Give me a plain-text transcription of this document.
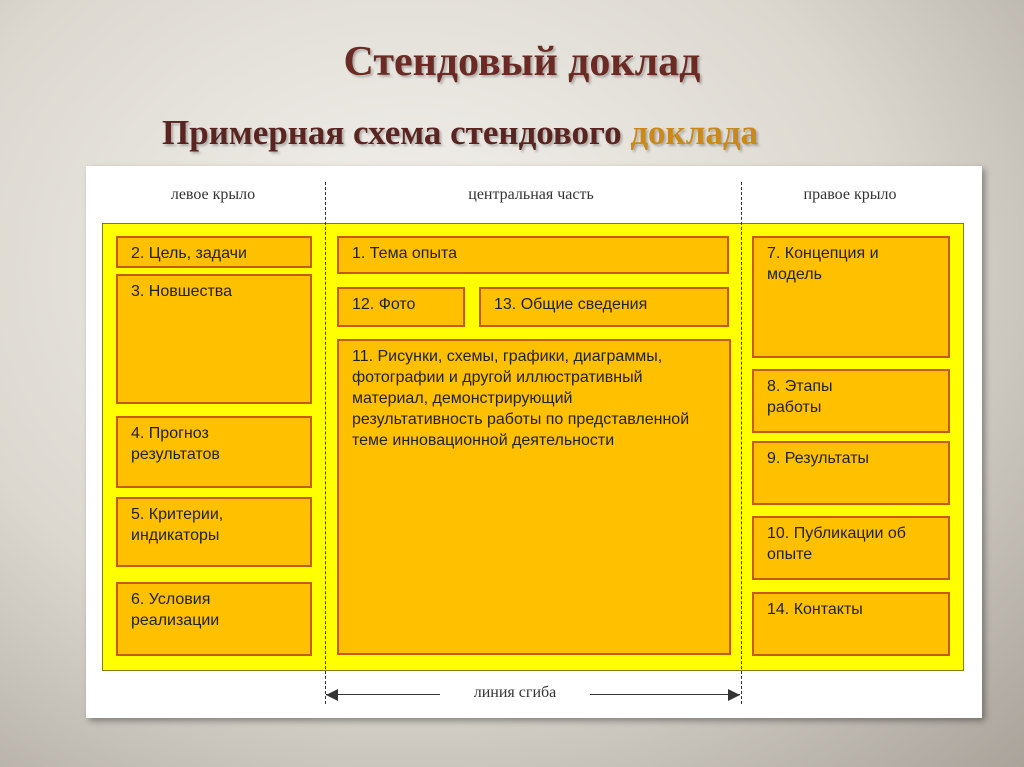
Стендовый доклад
Примерная схема стендового доклада
левое крыло	центральная часть	правое крыло
2. Цель, задачи
3. Новшества
4. Прогноз результатов
5. Критерии, индикаторы
6. Условия реализации
1. Тема опыта
12. Фото	13. Общие сведения
11. Рисунки, схемы, графики, диаграммы, фотографии и другой иллюстративный материал, демонстрирующий результативность работы по представленной теме инновационной деятельности
7. Концепция и модель
8. Этапы работы
9. Результаты
10. Публикации об опыте
14. Контакты
линия сгиба
